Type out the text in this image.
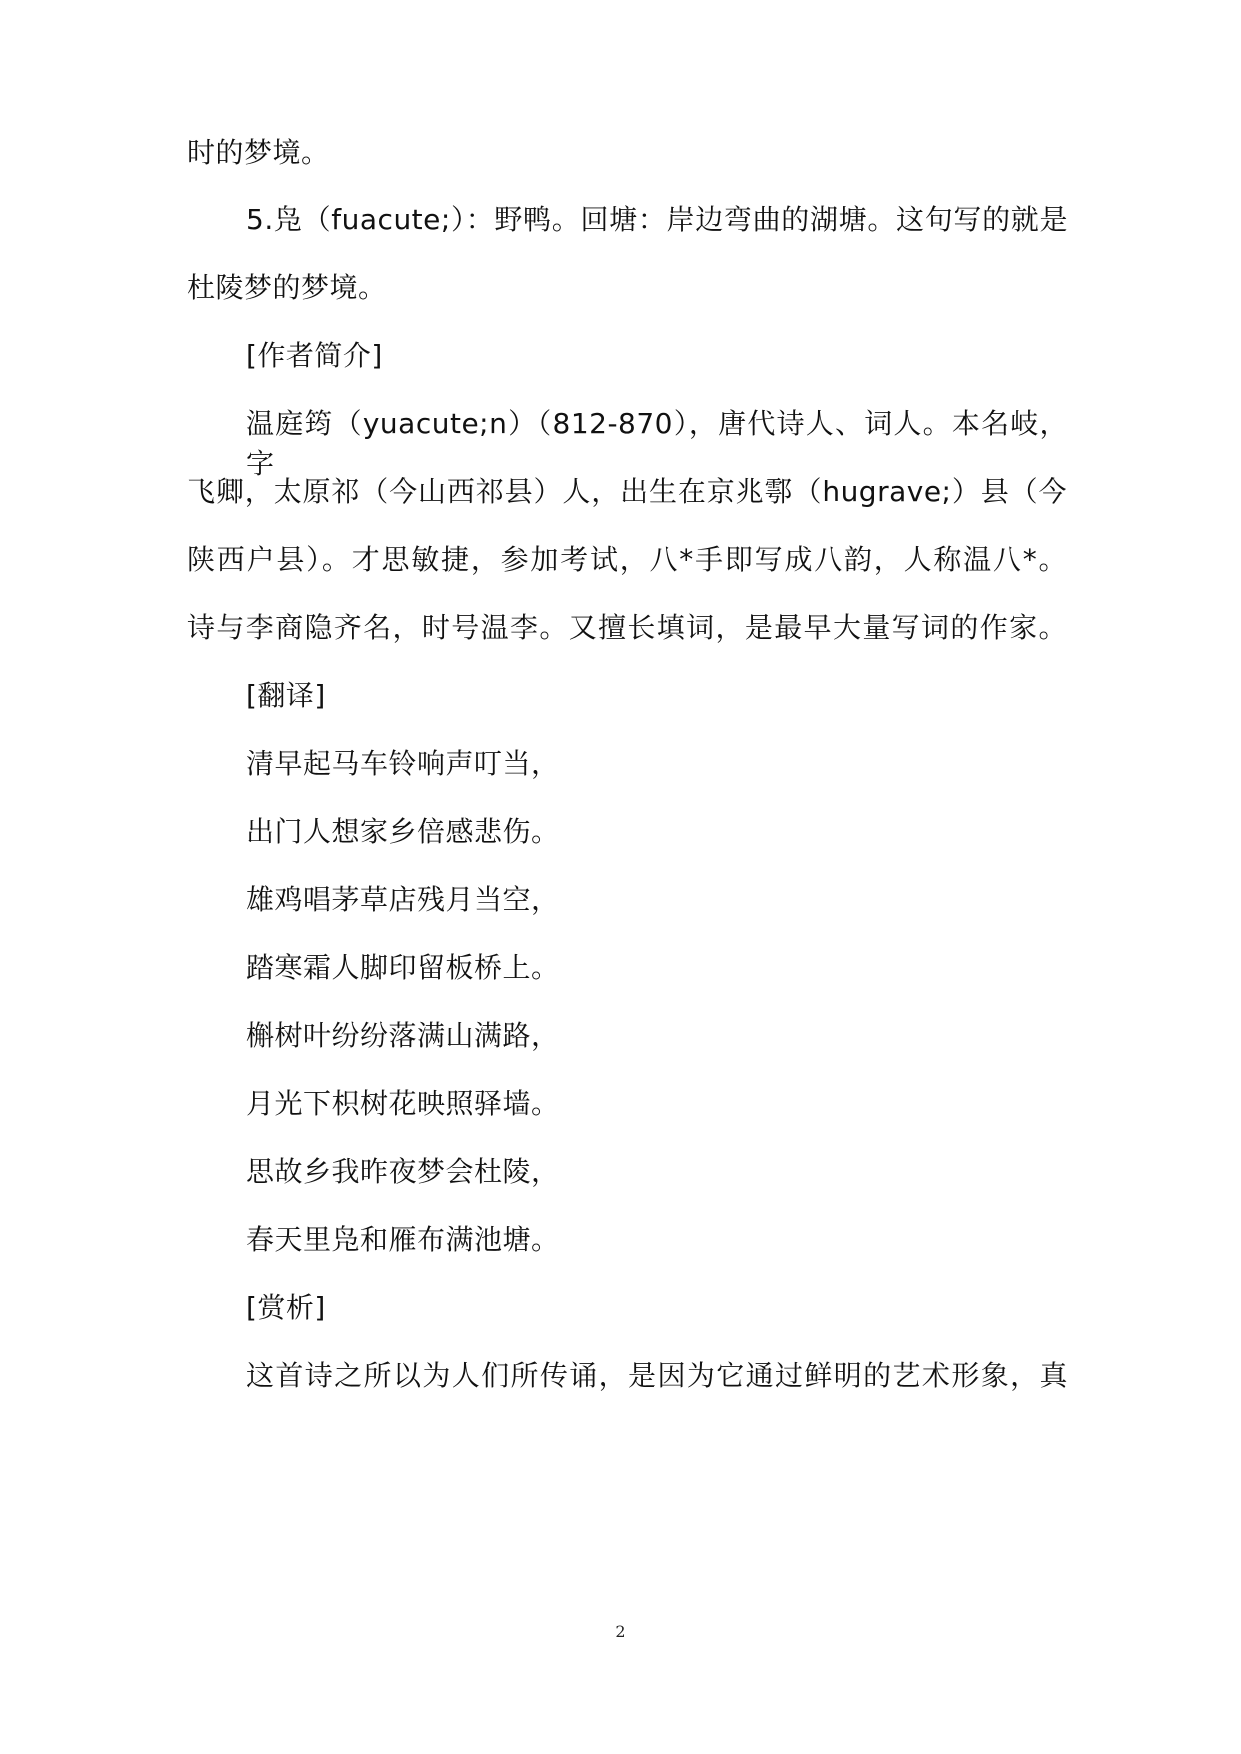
时的梦境。
5.凫（fuacute;）：野鸭。回塘：岸边弯曲的湖塘。这句写的就是
杜陵梦的梦境。
[作者简介]
温庭筠（yuacute;n）（812-870），唐代诗人、词人。本名岐，字
飞卿，太原祁（今山西祁县）人，出生在京兆鄠（hugrave;）县（今
陕西户县）。才思敏捷，参加考试，八*手即写成八韵，人称温八*。
诗与李商隐齐名，时号温李。又擅长填词，是最早大量写词的作家。
[翻译]
清早起马车铃响声叮当，
出门人想家乡倍感悲伤。
雄鸡唱茅草店残月当空，
踏寒霜人脚印留板桥上。
槲树叶纷纷落满山满路，
月光下枳树花映照驿墙。
思故乡我昨夜梦会杜陵，
春天里凫和雁布满池塘。
[赏析]
这首诗之所以为人们所传诵，是因为它通过鲜明的艺术形象，真
2
